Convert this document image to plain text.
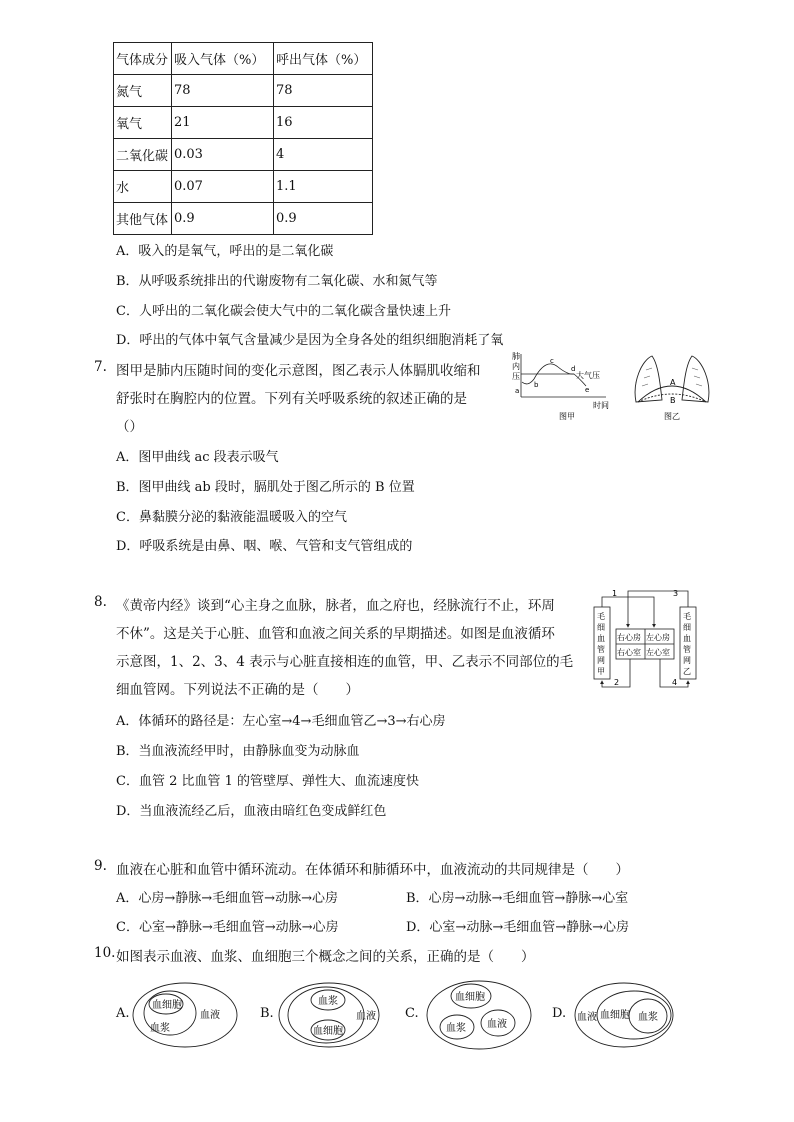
气体成分	吸入气体（%）	呼出气体（%）
氮气	78	78
氧气	21	16
二氧化碳	0.03	4
水	0.07	1.1
其他气体	0.9	0.9
A．吸入的是氧气，呼出的是二氧化碳
B．从呼吸系统排出的代谢废物有二氧化碳、水和氮气等
C．人呼出的二氧化碳会使大气中的二氧化碳含量快速上升
D．呼出的气体中氧气含量减少是因为全身各处的组织细胞消耗了氧
7. 图甲是肺内压随时间的变化示意图，图乙表示人体膈肌收缩和
舒张时在胸腔内的位置。下列有关呼吸系统的叙述正确的是
（）
A．图甲曲线 ac 段表示吸气
B．图甲曲线 ab 段时，膈肌处于图乙所示的 B 位置
C．鼻黏膜分泌的黏液能温暖吸入的空气
D．呼吸系统是由鼻、咽、喉、气管和支气管组成的
肺
内
压
a
b
c
d
e
大气压
时间
图甲
A
B
图乙
8. 《黄帝内经》谈到“心主身之血脉，脉者，血之府也，经脉流行不止，环周
不休”。这是关于心脏、血管和血液之间关系的早期描述。如图是血液循环
示意图，1、2、3、4 表示与心脏直接相连的血管，甲、乙表示不同部位的毛
细血管网。下列说法不正确的是（　　）
A．体循环的路径是：左心室→4→毛细血管乙→3→右心房
B．当血液流经甲时，由静脉血变为动脉血
C．血管 2 比血管 1 的管壁厚、弹性大、血流速度快
D．当血液流经乙后，血液由暗红色变成鲜红色
毛
细
血
管
网
甲
毛
细
血
管
网
乙
右心房 左心房
右心室 左心室
1
2
3
4
9. 血液在心脏和血管中循环流动。在体循环和肺循环中，血液流动的共同规律是（　　）
A．心房→静脉→毛细血管→动脉→心房	B．心房→动脉→毛细血管→静脉→心室
C．心室→静脉→毛细血管→动脉→心房	D．心室→动脉→毛细血管→静脉→心房
10. 如图表示血液、血浆、血细胞三个概念之间的关系，正确的是（　　）
A.
血细胞
血浆
血液	B.
血浆
血液
血细胞
C.
血细胞
血浆 血液
D. 血液 血细胞 血浆
